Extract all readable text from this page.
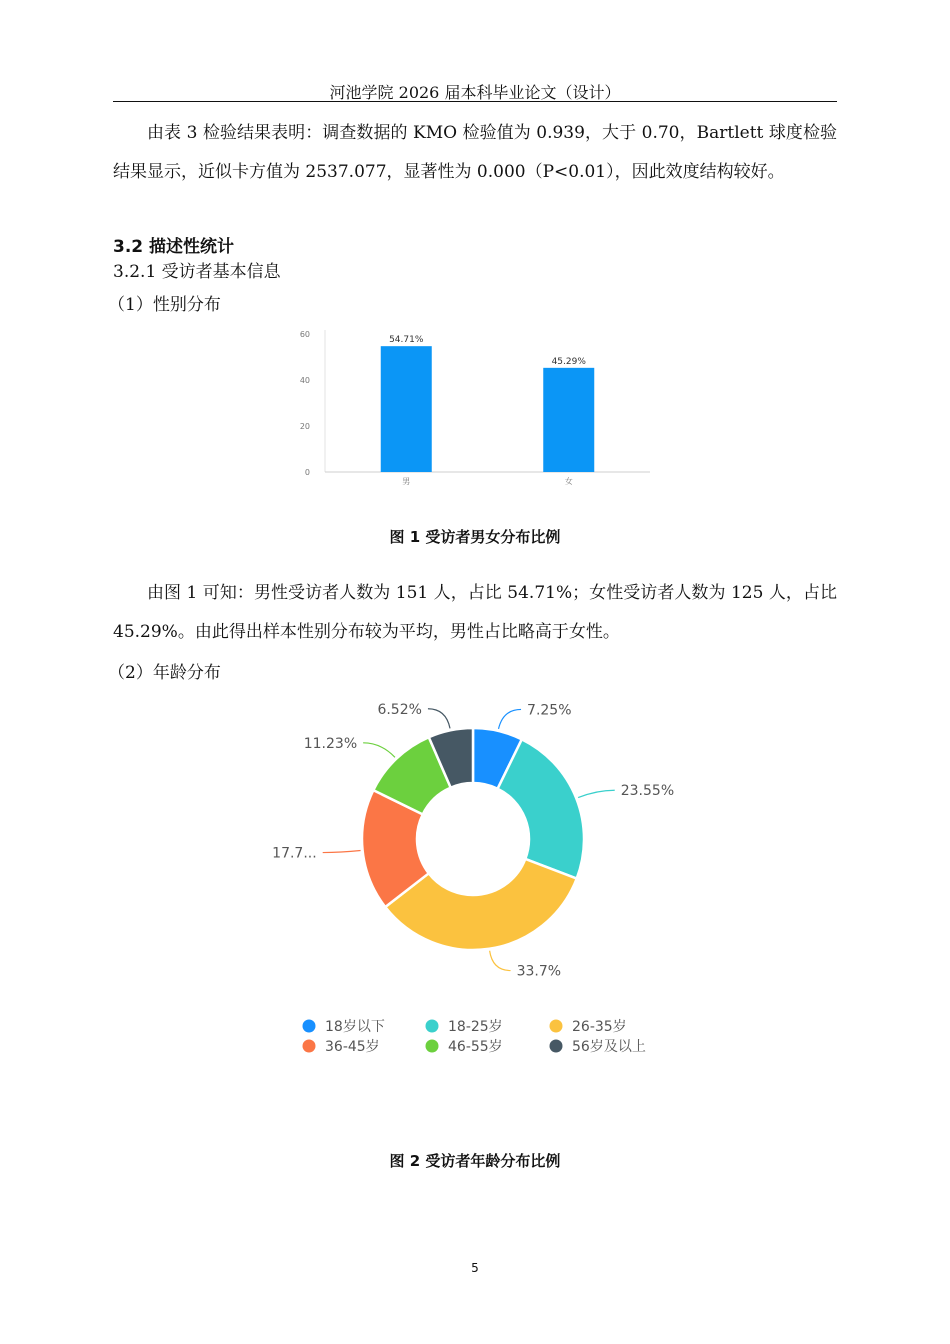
河池学院 2026 届本科毕业论文（设计）

由表 3 检验结果表明：调查数据的 KMO 检验值为 0.939，大于 0.70，Bartlett 球度检验结果显示，近似卡方值为 2537.077，显著性为 0.000（P<0.01），因此效度结构较好。

3.2 描述性统计
3.2.1 受访者基本信息
（1）性别分布
0
20
40
60
54.71%
男
45.29%
女
图 1 受访者男女分布比例

由图 1 可知：男性受访者人数为 151 人，占比 54.71%；女性受访者人数为 125 人，占比 45.29%。由此得出样本性别分布较为平均，男性占比略高于女性。

（2）年龄分布
7.25%
23.55%
33.7%
17.7...
11.23%
6.52%
18岁以下	18-25岁	26-35岁
36-45岁	46-55岁	56岁及以上
图 2 受访者年龄分布比例
5
